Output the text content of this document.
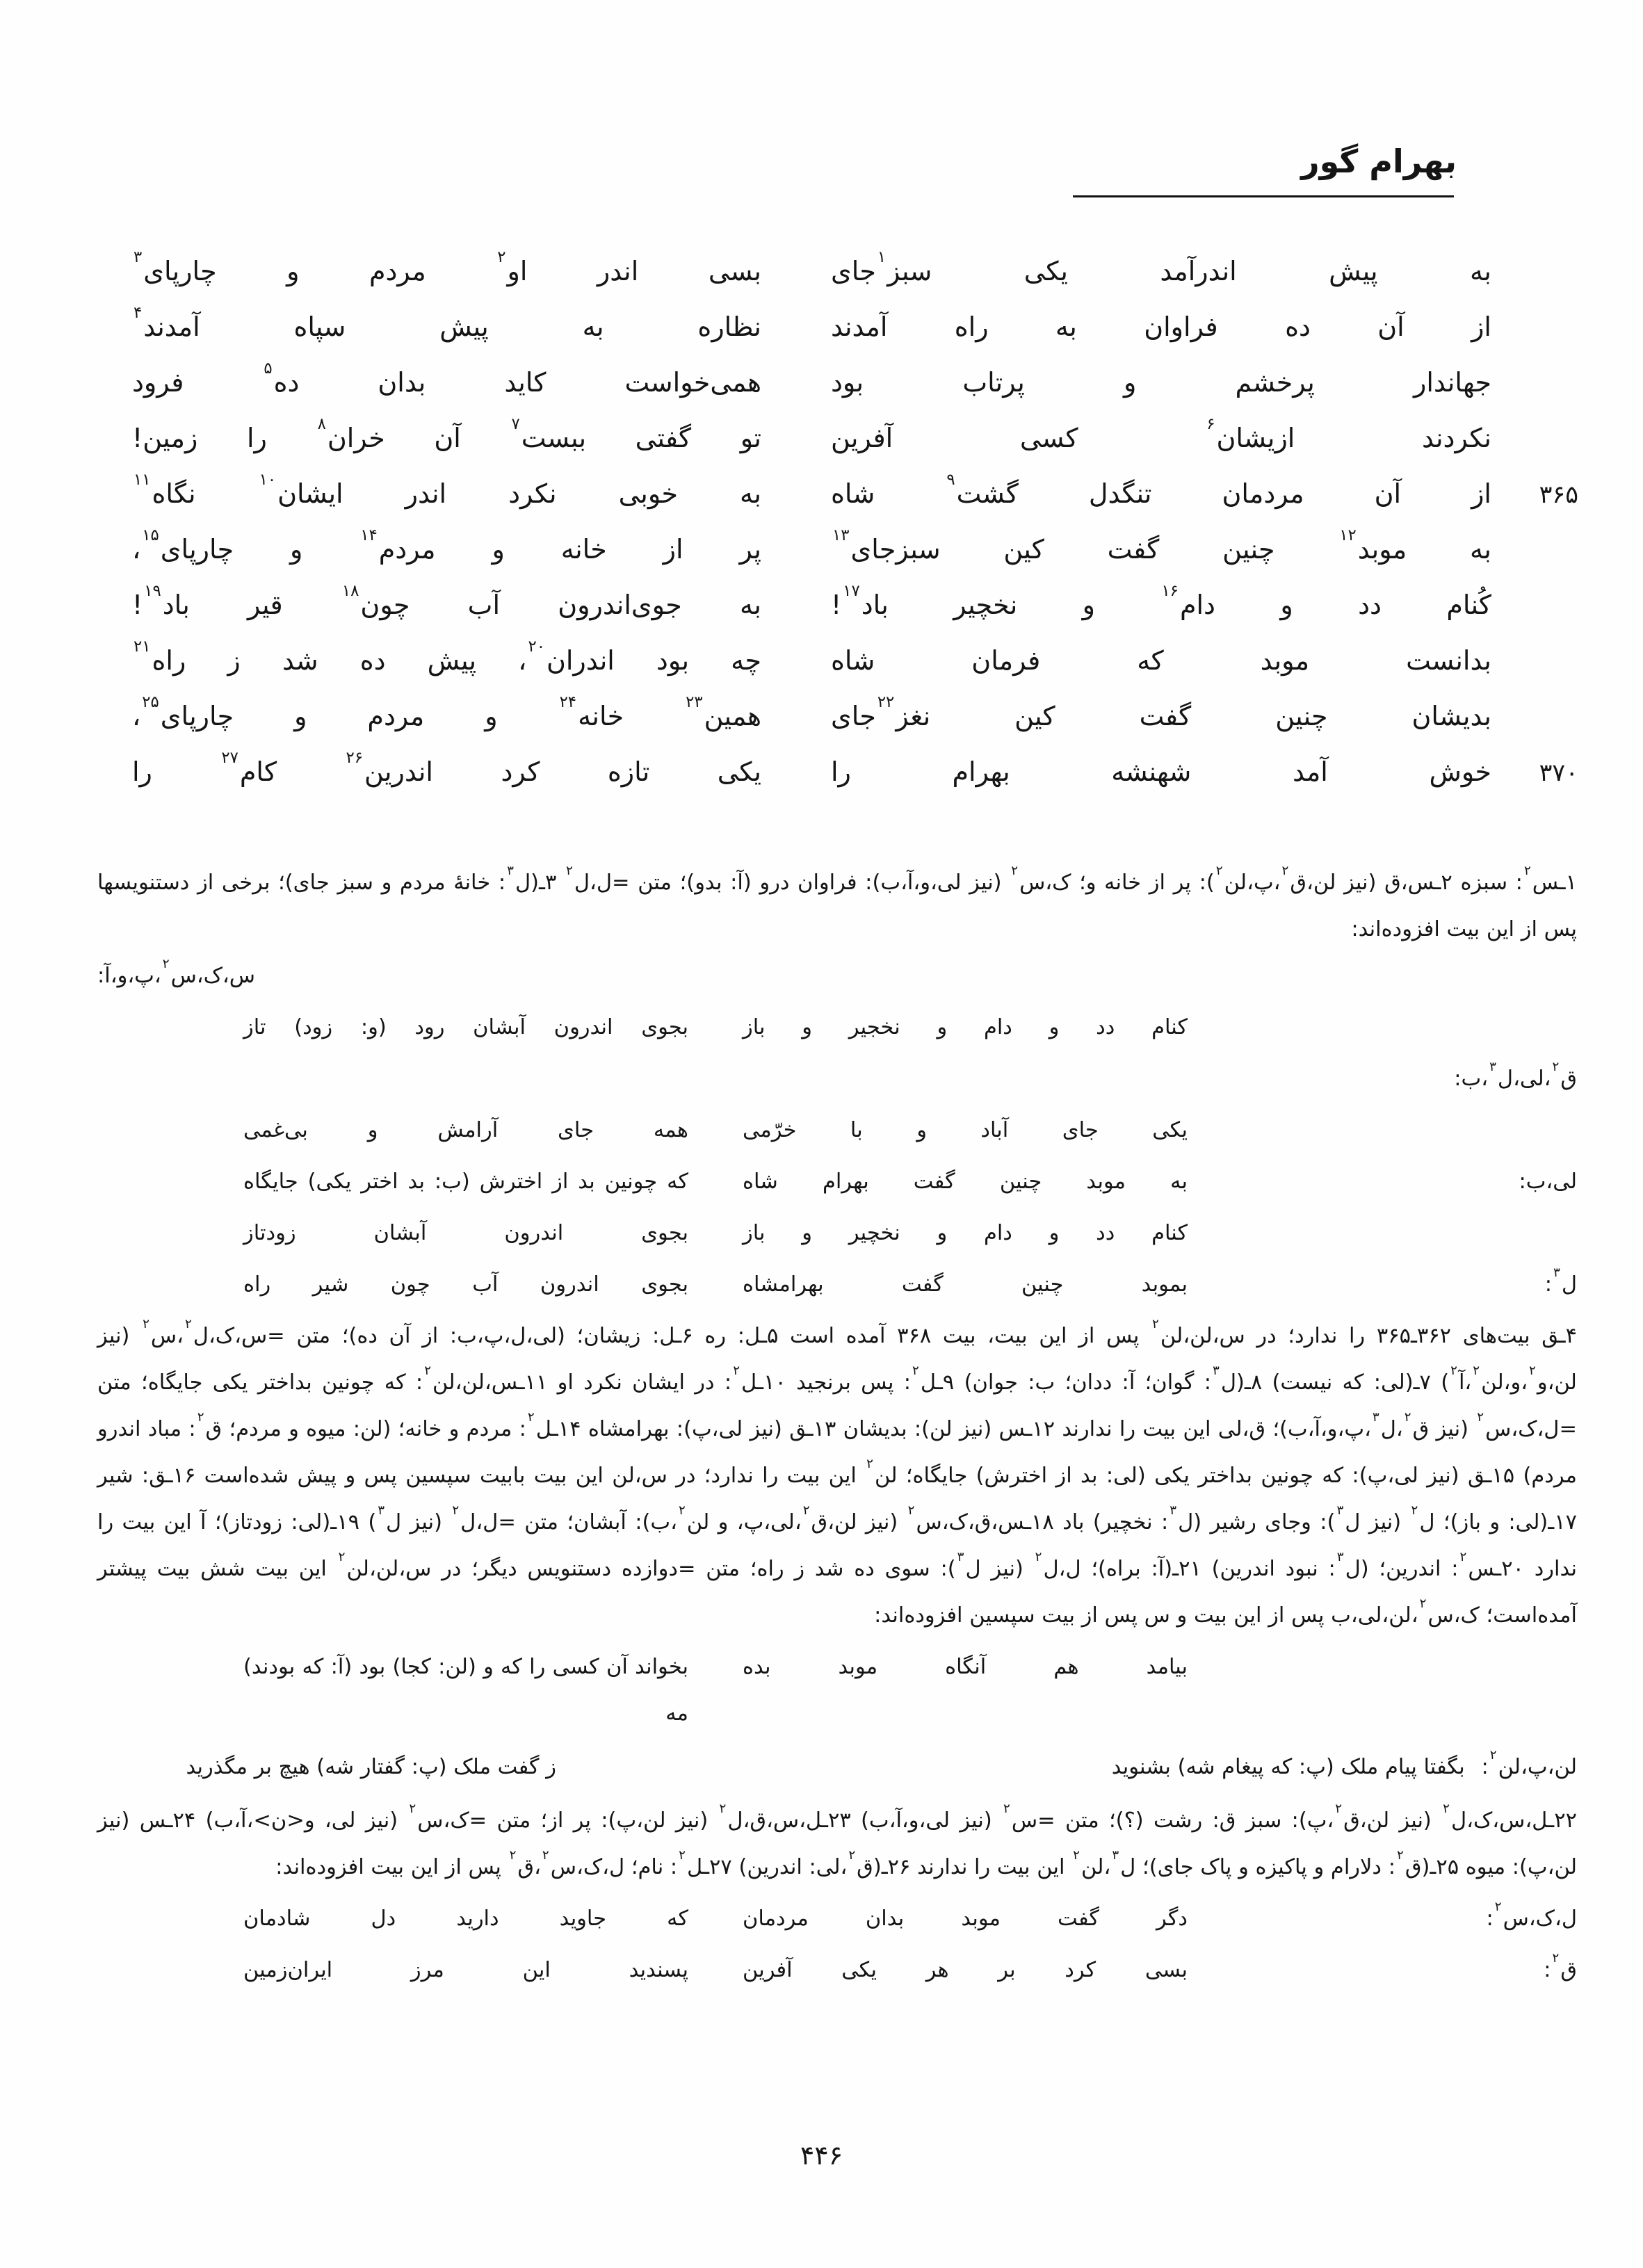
بهرام گور
به پیش اندرآمد یکی سبز$^۱$جای
بسی اندر او$^۲$ مردم و چارپای$^۳$
از آن ده فراوان به راه آمدند
نظاره به پیش سپاه آمدند$^۴$
جهاندار پرخشم و پرتاب بود
همی‌خواست کاید بدان ده$^۵$ فرود
نکردند ازیشان$^۶$ کسی آفرین
تو گفتی ببست$^۷$ آن خران$^۸$ را زمین!
۳۶۵
از آن مردمان تنگدل گشت$^۹$ شاه
به خوبی نکرد اندر ایشان$^{۱۰}$ نگاه$^{۱۱}$
به موبد$^{۱۲}$ چنین گفت کین سبزجای$^{۱۳}$
پر از خانه و مردم$^{۱۴}$ و چارپای$^{۱۵}$،
کُنام دد و دام$^{۱۶}$ و نخچیر باد$^{۱۷}$!
به جوی‌اندرون آب چون$^{۱۸}$ قیر باد$^{۱۹}$!
بدانست موبد که فرمان شاه
چه بود اندران$^{۲۰}$، پیش ده شد ز راه$^{۲۱}$
بدیشان چنین گفت کین نغز$^{۲۲}$جای
همین$^{۲۳}$ خانه$^{۲۴}$ و مردم و چارپای$^{۲۵}$،
۳۷۰
خوش آمد شهنشه بهرام را
یکی تازه کرد اندرین$^{۲۶}$ کام$^{۲۷}$ را
۱ـس$^۲$: سبزه ۲ـس،ق (نیز لن،ق$^۲$،پ،لن$^۲$): پر از خانه و؛ ک،س$^۲$ (نیز لی،و،آ،ب): فراوان درو (آ: بدو)؛ متن =ل،ل$^۲$ ۳ـ(ل$^۳$: خانهٔ مردم و سبز جای)؛ برخی از دستنویسها پس از این بیت افزوده‌اند:
س،ک،س$^۲$،پ،و،آ:
کنام دد و دام و نخجیر و باز
بجوی اندرون آبشان رود (و: زود) تاز
ق$^۲$،لی،ل$^۳$،ب:
یکی جای آباد و با خرّمی
همه جای آرامش و بی‌غمی
لی،ب:
به موبد چنین گفت بهرام شاه
که چونین بد از اخترش (ب: بد اختر یکی) جایگاه
کنام دد و دام و نخچیر و باز
بجوی اندرون آبشان زودتاز
ل$^۳$:
بموبد چنین گفت بهرامشاه
بجوی اندرون آب چون شیر راه
۴ـق بیت‌های ۳۶۲ـ۳۶۵ را ندارد؛ در س،لن،لن$^۲$ پس از این بیت، بیت ۳۶۸ آمده است ۵ـل: ره ۶ـل: زیشان؛ (لی،ل،پ،ب: از آن ده)؛ متن =س،ک،ل$^۲$،س$^۲$ (نیز لن،و$^۲$،و،لن$^۲$،آ$^۲$) ۷ـ(لی: که نیست) ۸ـ(ل$^۳$: گوان؛ آ: ددان؛ ب: جوان) ۹ـل$^۲$: پس برنجید ۱۰ـل$^۲$: در ایشان نکرد او ۱۱ـس،لن،لن$^۲$: که چونین بداختر یکی جایگاه؛ متن =ل،ک،س$^۲$ (نیز ق$^۲$،ل$^۳$،پ،و،آ،ب)؛ ق،لی این بیت را ندارند ۱۲ـس (نیز لن): بدیشان ۱۳ـق (نیز لی،پ): بهرامشاه ۱۴ـل$^۲$: مردم و خانه؛ (لن: میوه و مردم؛ ق$^۲$: مباد اندرو مردم) ۱۵ـق (نیز لی،پ): که چونین بداختر یکی (لی: بد از اخترش) جایگاه؛ لن$^۲$ این بیت را ندارد؛ در س،لن این بیت بابیت سپسین پس و پیش شده‌است ۱۶ـق: شیر ۱۷ـ(لی: و باز)؛ ل$^۲$ (نیز ل$^۳$): وجای رشیر (ل$^۳$: نخچیر) باد ۱۸ـس،ق،ک،س$^۲$ (نیز لن،ق$^۲$،لی،پ، و لن$^۲$،ب): آبشان؛ متن =ل،ل$^۲$ (نیز ل$^۳$) ۱۹ـ(لی: زودتاز)؛ آ این بیت را ندارد ۲۰ـس$^۲$: اندرین؛ (ل$^۳$: نبود اندرین) ۲۱ـ(آ: براه)؛ ل،ل$^۲$ (نیز ل$^۳$): سوی ده شد ز راه؛ متن =دوازده دستنویس دیگر؛ در س،لن،لن$^۲$ این بیت شش بیت پیشتر آمده‌است؛ ک،س$^۲$،لن،لی،ب پس از این بیت و س پس از بیت سپسین افزوده‌اند:
بیامد هم آنگاه موبد بده
بخواند آن کسی را که و (لن: کجا) بود (آ: که بودند) مه
لن،پ،لن$^۲$: بگفتا پیام ملک (پ: که پیغام شه) بشنوید
ز گفت ملک (پ: گفتار شه) هیچ بر مگذرید
۲۲ـل،س،ک،ل$^۲$ (نیز لن،ق$^۲$،پ): سبز ق: رشت (؟)؛ متن =س$^۲$ (نیز لی،و،آ،ب) ۲۳ـل،س،ق،ل$^۲$ (نیز لن،پ): پر از؛ متن =ک،س$^۲$ (نیز لی، و<ن>،آ،ب) ۲۴ـس (نیز لن،پ): میوه ۲۵ـ(ق$^۲$: دلارام و پاکیزه و پاک جای)؛ ل$^۳$،لن$^۲$ این بیت را ندارند ۲۶ـ(ق$^۲$،لی: اندرین) ۲۷ـل$^۲$: نام؛ ل،ک،س$^۲$،ق$^۲$ پس از این بیت افزوده‌اند:
ل،ک،س$^۲$:
دگر گفت موبد بدان مردمان
که جاوید دارید دل شادمان
ق$^۲$:
بسی کرد بر هر یکی آفرین
پسندید این مرز ایران‌زمین
۴۴۶
